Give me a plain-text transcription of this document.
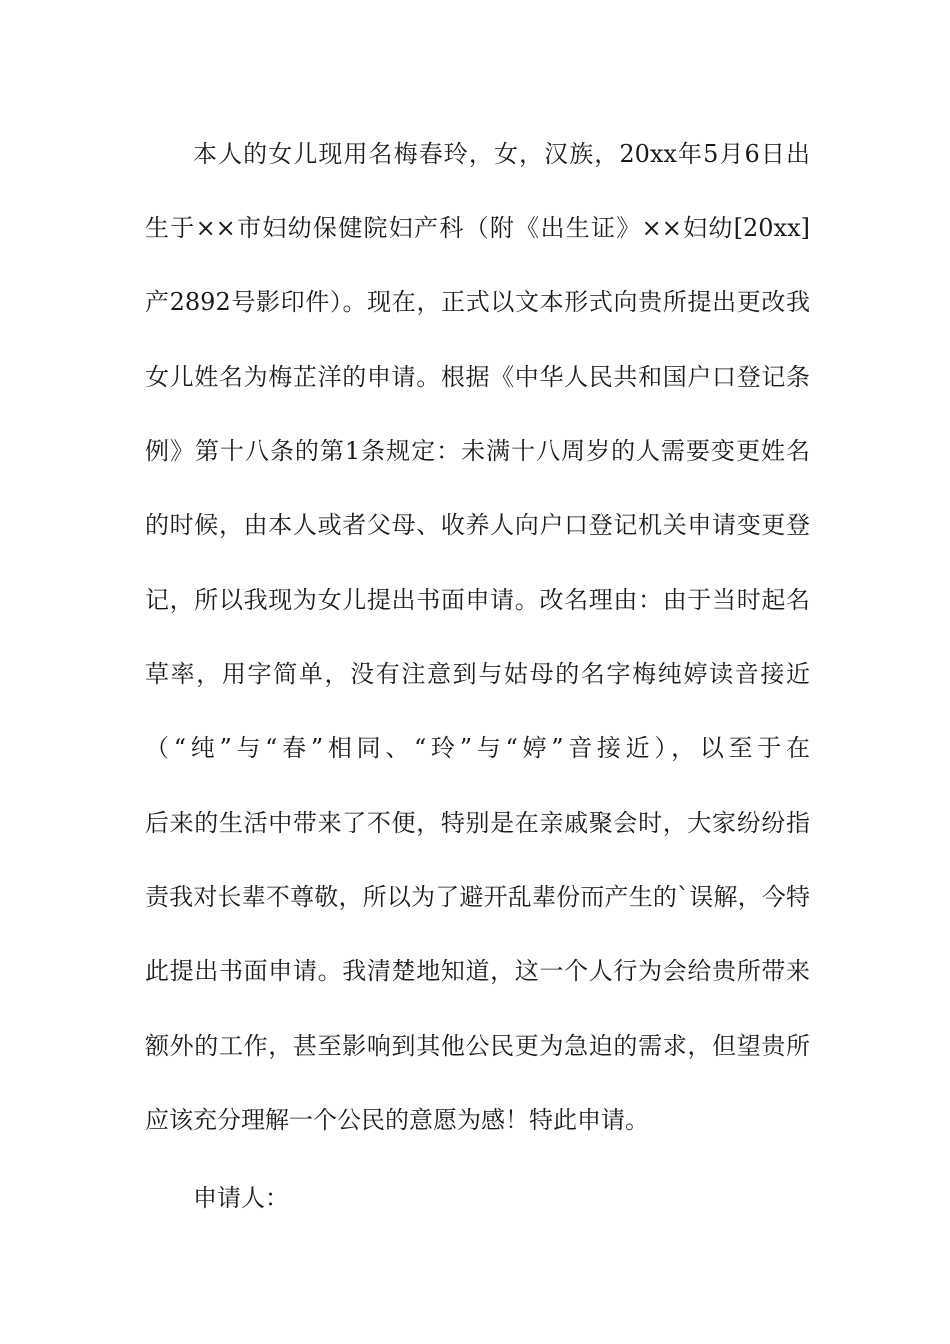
本人的女儿现用名梅春玲，女，汉族，20xx年5月6日出
生于××市妇幼保健院妇产科（附《出生证》××妇幼[20xx]
产2892号影印件）。现在，正式以文本形式向贵所提出更改我
女儿姓名为梅芷洋的申请。根据《中华人民共和国户口登记条
例》第十八条的第1条规定：未满十八周岁的人需要变更姓名
的时候，由本人或者父母、收养人向户口登记机关申请变更登
记，所以我现为女儿提出书面申请。改名理由：由于当时起名
草率，用字简单，没有注意到与姑母的名字梅纯婷读音接近
（“纯”与“春”相同、“玲”与“婷”音接近），以至于在
后来的生活中带来了不便，特别是在亲戚聚会时，大家纷纷指
责我对长辈不尊敬，所以为了避开乱辈份而产生的`误解，今特
此提出书面申请。我清楚地知道，这一个人行为会给贵所带来
额外的工作，甚至影响到其他公民更为急迫的需求，但望贵所
应该充分理解一个公民的意愿为感！特此申请。
申请人：
